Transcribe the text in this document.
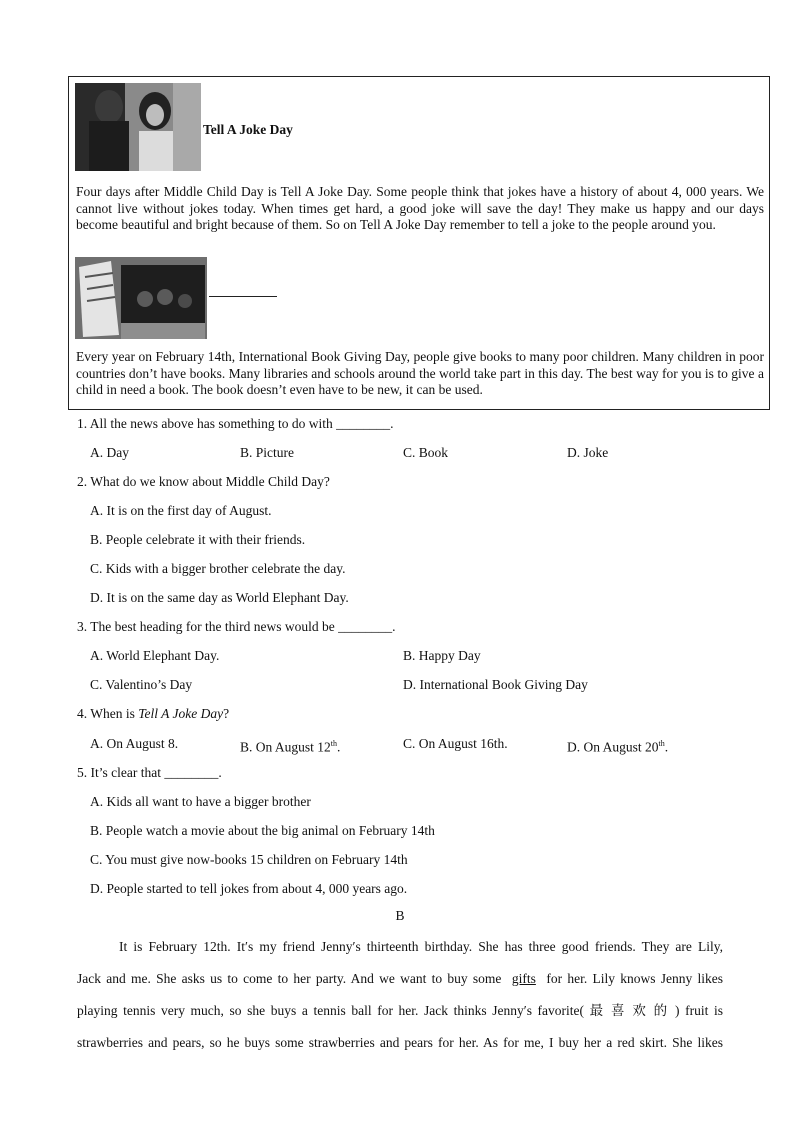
Tell A Joke Day
Four days after Middle Child Day is Tell A Joke Day. Some people think that jokes have a history of about 4, 000 years. We cannot live without jokes today. When times get hard, a good joke will save the day! They make us happy and our days become beautiful and bright because of them. So on Tell A Joke Day remember to tell a joke to the people around you.
Every year on February 14th, International Book Giving Day, people give books to many poor children. Many children in poor countries don’t have books. Many libraries and schools around the world take part in this day. The best way for you is to give a child in need a book. The book doesn’t even have to be new, it can be used.
1. All the news above has something to do with ________.
A. Day	B. Picture	C. Book	D. Joke
2. What do we know about Middle Child Day?
A. It is on the first day of August.
B. People celebrate it with their friends.
C. Kids with a bigger brother celebrate the day.
D. It is on the same day as World Elephant Day.
3. The best heading for the third news would be ________.
A. World Elephant Day.	B. Happy Day
C. Valentino’s Day	D. International Book Giving Day
4. When is Tell A Joke Day?
A. On August 8.	B. On August 12th.	C. On August 16th.	D. On August 20th.
5. It’s clear that ________.
A. Kids all want to have a bigger brother
B. People watch a movie about the big animal on February 14th
C. You must give now-books 15 children on February 14th
D. People started to tell jokes from about 4, 000 years ago.
B
It is February 12th. It′s my friend Jenny′s thirteenth birthday. She has three good friends. They are Lily,
Jack and me. She asks us to come to her party. And we want to buy some gifts for her. Lily knows Jenny likes
playing tennis very much, so she buys a tennis ball for her. Jack thinks Jenny′s favorite( 最 喜 欢 的 ) fruit is
strawberries and pears, so he buys some strawberries and pears for her. As for me, I buy her a red skirt. She likes
